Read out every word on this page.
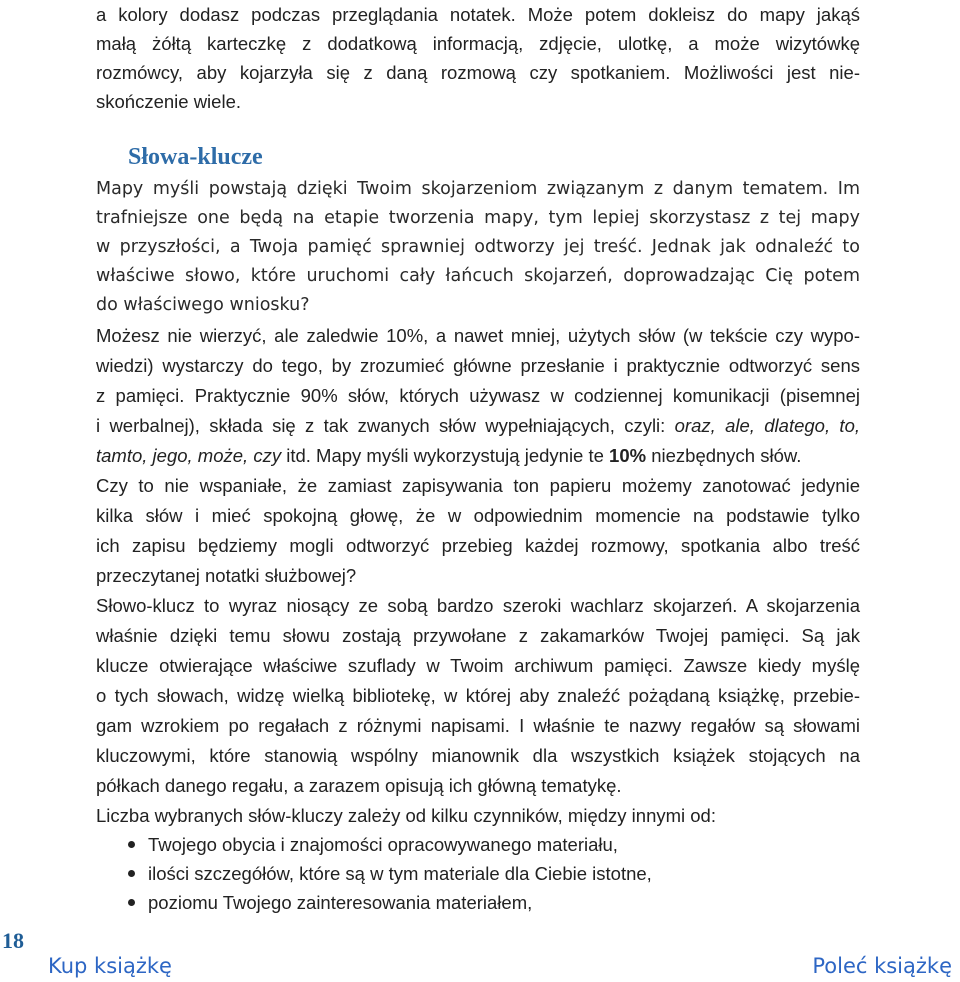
a kolory dodasz podczas przeglądania notatek. Może potem dokleisz do mapy jakąś
małą żółtą karteczkę z dodatkową informacją, zdjęcie, ulotkę, a może wizytówkę
rozmówcy, aby kojarzyła się z daną rozmową czy spotkaniem. Możliwości jest nie-
skończenie wiele.
Słowa-klucze
Mapy myśli powstają dzięki Twoim skojarzeniom związanym z danym tematem. Im
trafniejsze one będą na etapie tworzenia mapy, tym lepiej skorzystasz z tej mapy
w przyszłości, a Twoja pamięć sprawniej odtworzy jej treść. Jednak jak odnaleźć to
właściwe słowo, które uruchomi cały łańcuch skojarzeń, doprowadzając Cię potem
do właściwego wniosku?
Możesz nie wierzyć, ale zaledwie 10%, a nawet mniej, użytych słów (w tekście czy wypo-
wiedzi) wystarczy do tego, by zrozumieć główne przesłanie i praktycznie odtworzyć sens
z pamięci. Praktycznie 90% słów, których używasz w codziennej komunikacji (pisemnej
i werbalnej), składa się z tak zwanych słów wypełniających, czyli: oraz, ale, dlatego, to,
tamto, jego, może, czy itd. Mapy myśli wykorzystują jedynie te 10% niezbędnych słów.
Czy to nie wspaniałe, że zamiast zapisywania ton papieru możemy zanotować jedynie
kilka słów i mieć spokojną głowę, że w odpowiednim momencie na podstawie tylko
ich zapisu będziemy mogli odtworzyć przebieg każdej rozmowy, spotkania albo treść
przeczytanej notatki służbowej?
Słowo-klucz to wyraz niosący ze sobą bardzo szeroki wachlarz skojarzeń. A skojarzenia
właśnie dzięki temu słowu zostają przywołane z zakamarków Twojej pamięci. Są jak
klucze otwierające właściwe szuflady w Twoim archiwum pamięci. Zawsze kiedy myślę
o tych słowach, widzę wielką bibliotekę, w której aby znaleźć pożądaną książkę, przebie-
gam wzrokiem po regałach z różnymi napisami. I właśnie te nazwy regałów są słowami
kluczowymi, które stanowią wspólny mianownik dla wszystkich książek stojących na
półkach danego regału, a zarazem opisują ich główną tematykę.
Liczba wybranych słów-kluczy zależy od kilku czynników, między innymi od:
Twojego obycia i znajomości opracowywanego materiału,
ilości szczegółów, które są w tym materiale dla Ciebie istotne,
poziomu Twojego zainteresowania materiałem,
18
Kup książkę	Poleć książkę
